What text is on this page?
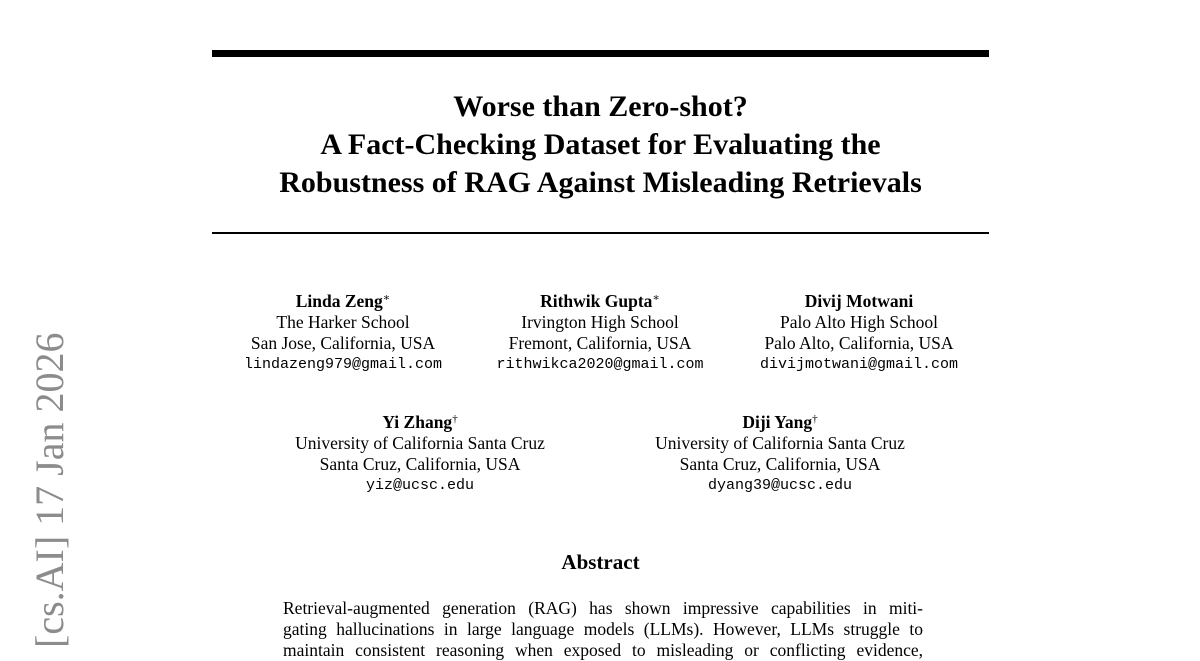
[cs.AI] 17 Jan 2026
Worse than Zero-shot?
A Fact-Checking Dataset for Evaluating the
Robustness of RAG Against Misleading Retrievals
Linda Zeng∗
The Harker School
San Jose, California, USA
lindazeng979@gmail.com
Rithwik Gupta∗
Irvington High School
Fremont, California, USA
rithwikca2020@gmail.com
Divij Motwani
Palo Alto High School
Palo Alto, California, USA
divijmotwani@gmail.com
Yi Zhang†
University of California Santa Cruz
Santa Cruz, California, USA
yiz@ucsc.edu
Diji Yang†
University of California Santa Cruz
Santa Cruz, California, USA
dyang39@ucsc.edu
Abstract
Retrieval-augmented generation (RAG) has shown impressive capabilities in miti-
gating hallucinations in large language models (LLMs). However, LLMs struggle to
maintain consistent reasoning when exposed to misleading or conflicting evidence,
